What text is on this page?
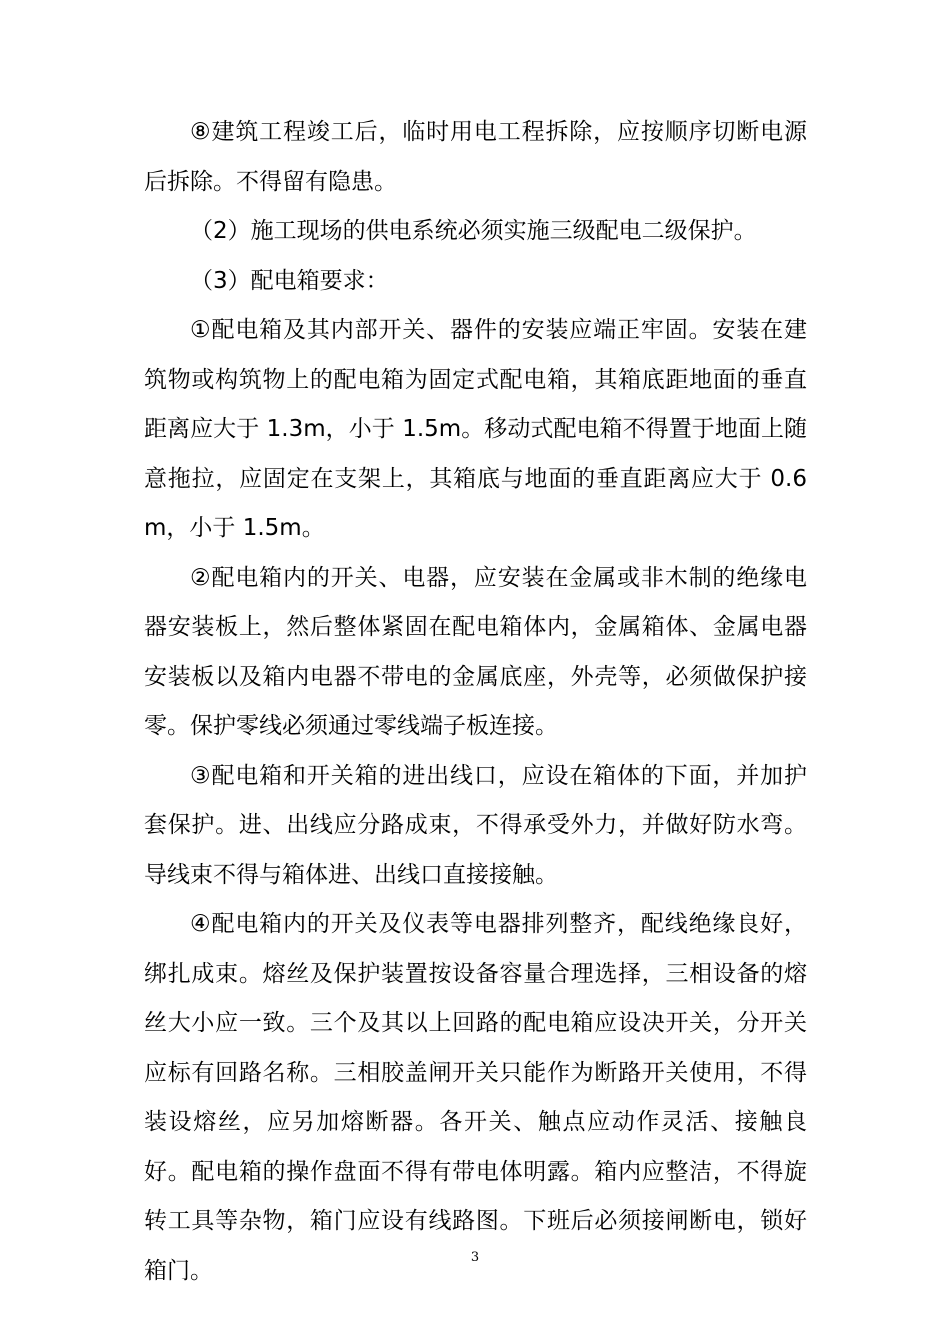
⑧建筑工程竣工后，临时用电工程拆除，应按顺序切断电源后拆除。不得留有隐患。

（2）施工现场的供电系统必须实施三级配电二级保护。

（3）配电箱要求：

①配电箱及其内部开关、器件的安装应端正牢固。安装在建筑物或构筑物上的配电箱为固定式配电箱，其箱底距地面的垂直距离应大于 1.3m，小于 1.5m。移动式配电箱不得置于地面上随意拖拉，应固定在支架上，其箱底与地面的垂直距离应大于 0.6m，小于 1.5m。

②配电箱内的开关、电器，应安装在金属或非木制的绝缘电器安装板上，然后整体紧固在配电箱体内，金属箱体、金属电器安装板以及箱内电器不带电的金属底座，外壳等，必须做保护接零。保护零线必须通过零线端子板连接。

③配电箱和开关箱的进出线口，应设在箱体的下面，并加护套保护。进、出线应分路成束，不得承受外力，并做好防水弯。导线束不得与箱体进、出线口直接接触。

④配电箱内的开关及仪表等电器排列整齐，配线绝缘良好，绑扎成束。熔丝及保护装置按设备容量合理选择，三相设备的熔丝大小应一致。三个及其以上回路的配电箱应设决开关，分开关应标有回路名称。三相胶盖闸开关只能作为断路开关使用，不得装设熔丝，应另加熔断器。各开关、触点应动作灵活、接触良好。配电箱的操作盘面不得有带电体明露。箱内应整洁，不得旋转工具等杂物，箱门应设有线路图。下班后必须接闸断电，锁好箱门。	3
